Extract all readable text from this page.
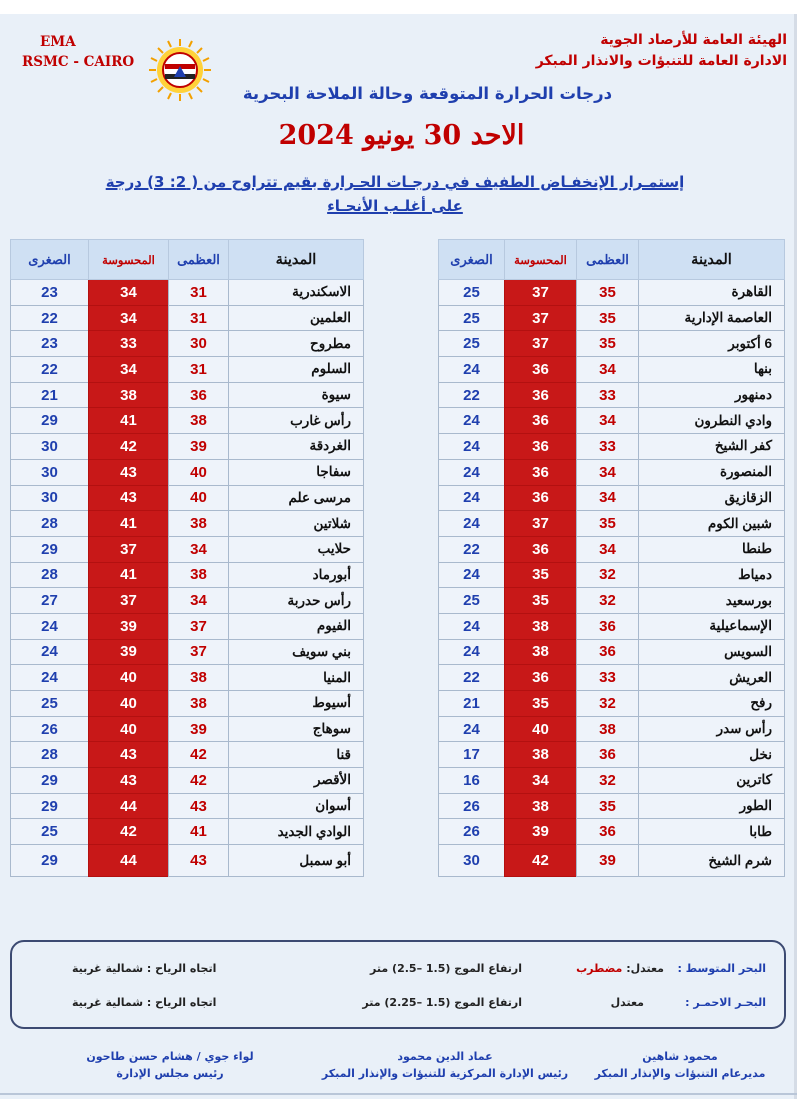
EMA
RSMC - CAIRO
الهيئة العامة للأرصاد الجوية
الادارة العامة للتنبؤات والانذار المبكر
درجات الحرارة المتوقعة وحالة الملاحة البحرية
الاحد 30 يونيو 2024
إستمـرار الإنخفـاض الطفيف في درجـات الحـرارة بقيم تتراوح من ( 2: 3) درجة
على أغلـب الأنحـاء
المدينة	العظمى	المحسوسة	الصغرى
القاهرة	35	37	25
العاصمة الإدارية	35	37	25
6 أكتوبر	35	37	25
بنها	34	36	24
دمنهور	33	36	22
وادي النطرون	34	36	24
كفر الشيخ	33	36	24
المنصورة	34	36	24
الزقازيق	34	36	24
شبين الكوم	35	37	24
طنطا	34	36	22
دمياط	32	35	24
بورسعيد	32	35	25
الإسماعيلية	36	38	24
السويس	36	38	24
العريش	33	36	22
رفح	32	35	21
رأس سدر	38	40	24
نخل	36	38	17
كاترين	32	34	16
الطور	35	38	26
طابا	36	39	26
شرم الشيخ	39	42	30
المدينة	العظمى	المحسوسة	الصغرى
الاسكندرية	31	34	23
العلمين	31	34	22
مطروح	30	33	23
السلوم	31	34	22
سيوة	36	38	21
رأس غارب	38	41	29
الغردقة	39	42	30
سفاجا	40	43	30
مرسى علم	40	43	30
شلاتين	38	41	28
حلايب	34	37	29
أبورماد	38	41	28
رأس حدربة	34	37	27
الفيوم	37	39	24
بني سويف	37	39	24
المنيا	38	40	24
أسيوط	38	40	25
سوهاج	39	40	26
قنا	42	43	28
الأقصر	42	43	29
أسوان	43	44	29
الوادي الجديد	41	42	25
أبو سمبل	43	44	29
البحر المتوسط :
معتدل: مضطرب
ارتفاع الموج (1.5 –2.5) متر
اتجاه الرياح : شمالية غربية
البحـر الاحمـر :
معتدل
ارتفاع الموج (1.5 –2.25) متر
اتجاه الرياح : شمالية غربية
محمود شاهين
مديرعام التنبؤات والإنذار المبكر
عماد الدين محمود
رئيس الإدارة المركزية للتنبؤات والإنذار المبكر
لواء جوي / هشام حسن طاحون
رئيس مجلس الإدارة
